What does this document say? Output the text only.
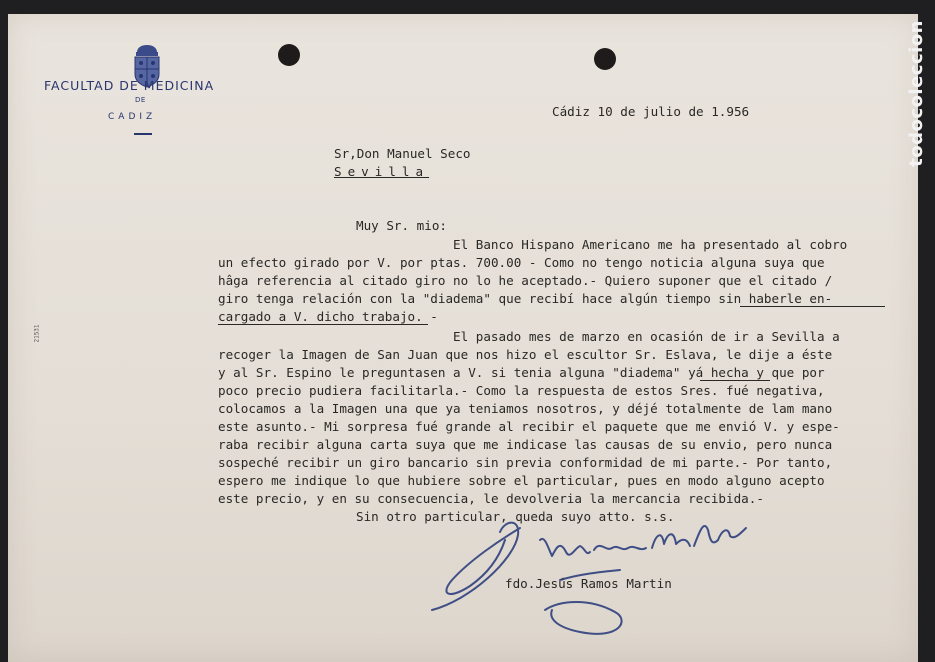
FACULTAD DE MEDICINA
DE
CADIZ
21531
Cádiz 10 de julio de 1.956
Sr,Don Manuel Seco
Sevilla
Muy Sr. mio:
El Banco Hispano Americano me ha presentado al cobro
un efecto girado por V. por ptas. 700.00 - Como no tengo noticia alguna suya que
hâga referencia al citado giro no lo he aceptado.- Quiero suponer que el citado /
giro tenga relación con la "diadema" que recibí hace algún tiempo sin haberle en-
cargado a V. dicho trabajo. -
El pasado mes de marzo en ocasión de ir a Sevilla a
recoger la Imagen de San Juan que nos hizo el escultor Sr. Eslava, le dije a éste
y al Sr. Espino le preguntasen a V. si tenia alguna "diadema" yá hecha y que por
poco precio pudiera facilitarla.- Como la respuesta de estos Sres. fué negativa,
colocamos a la Imagen una que ya teniamos nosotros, y déjé totalmente de lam mano
este asunto.- Mi sorpresa fué grande al recibir el paquete que me envió V. y espe-
raba recibir alguna carta suya que me indicase las causas de su envio, pero nunca
sospeché recibir un giro bancario sin previa conformidad de mi parte.- Por tanto,
espero me indique lo que hubiere sobre el particular, pues en modo alguno acepto
este precio, y en su consecuencia, le devolveria la mercancia recibida.-
Sin otro particular, queda suyo atto. s.s.
fdo.Jesús Ramos Martin
todocoleccion
